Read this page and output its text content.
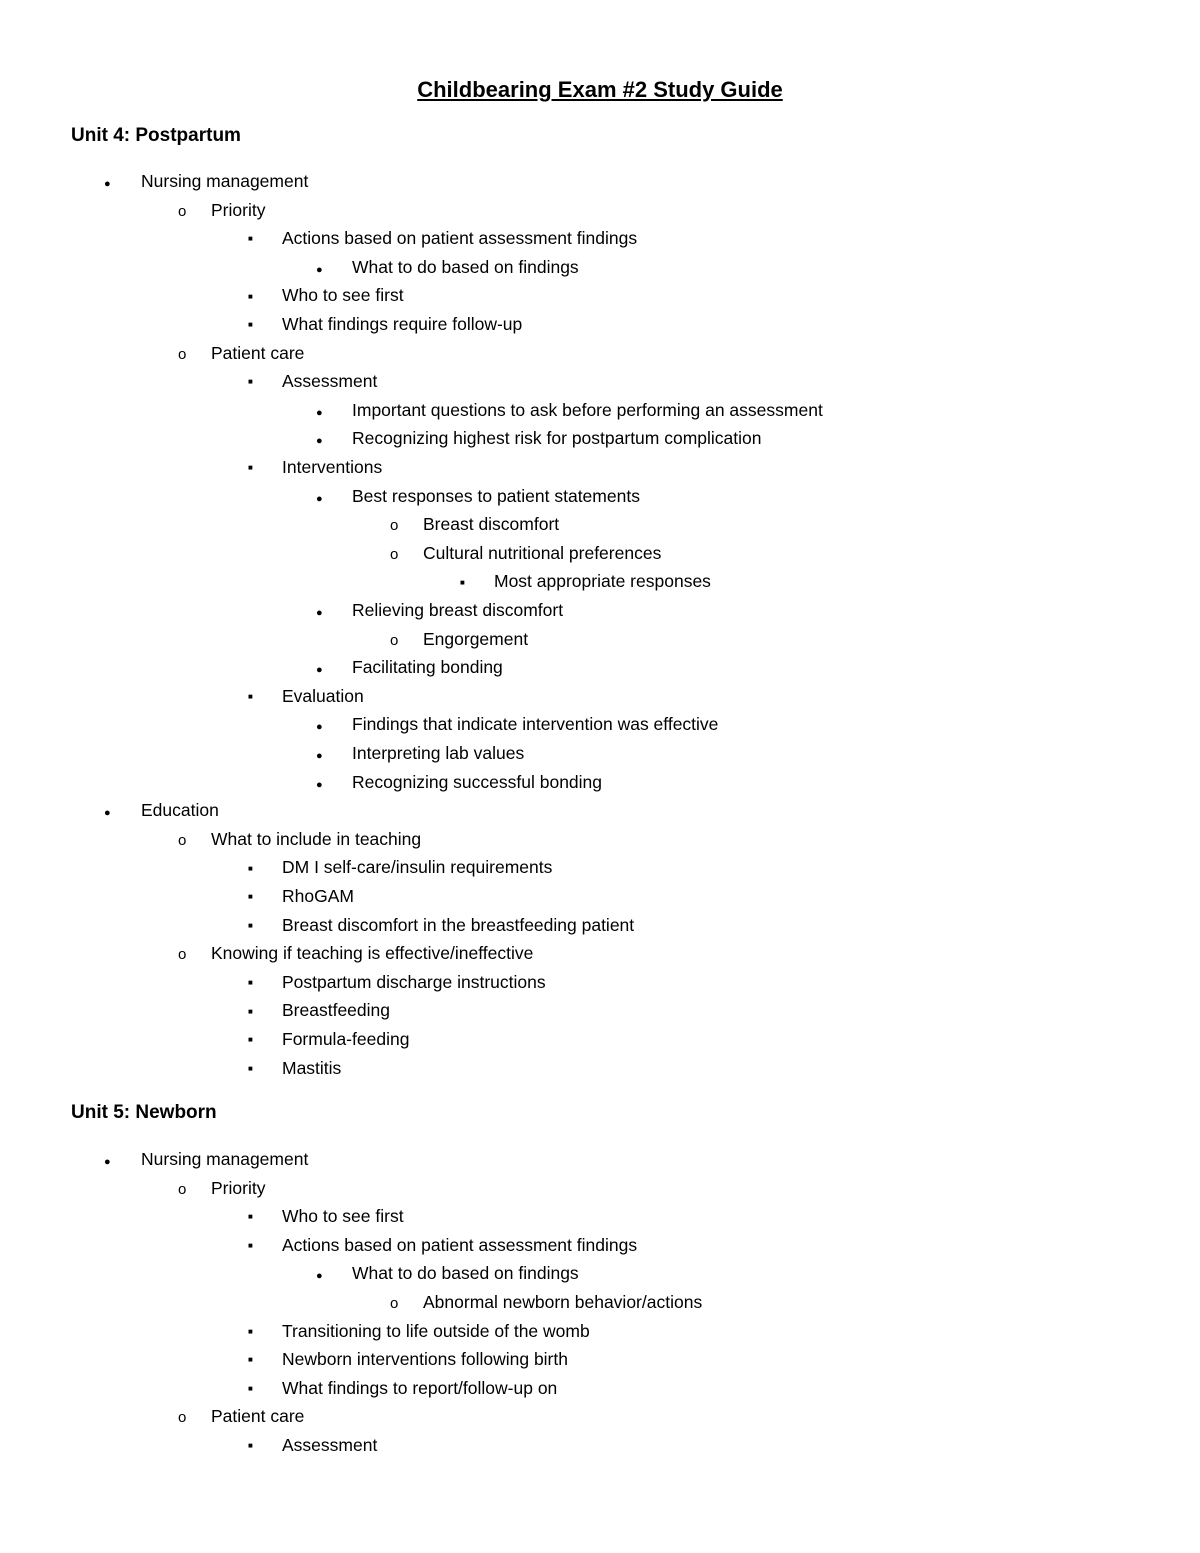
Childbearing Exam #2 Study Guide
Unit 4: Postpartum
●
Nursing management
o
Priority
■
Actions based on patient assessment findings
●
What to do based on findings
■
Who to see first
■
What findings require follow-up
o
Patient care
■
Assessment
●
Important questions to ask before performing an assessment
●
Recognizing highest risk for postpartum complication
■
Interventions
●
Best responses to patient statements
o
Breast discomfort
o
Cultural nutritional preferences
■
Most appropriate responses
●
Relieving breast discomfort
o
Engorgement
●
Facilitating bonding
■
Evaluation
●
Findings that indicate intervention was effective
●
Interpreting lab values
●
Recognizing successful bonding
●
Education
o
What to include in teaching
■
DM I self-care/insulin requirements
■
RhoGAM
■
Breast discomfort in the breastfeeding patient
o
Knowing if teaching is effective/ineffective
■
Postpartum discharge instructions
■
Breastfeeding
■
Formula-feeding
■
Mastitis
Unit 5: Newborn
●
Nursing management
o
Priority
■
Who to see first
■
Actions based on patient assessment findings
●
What to do based on findings
o
Abnormal newborn behavior/actions
■
Transitioning to life outside of the womb
■
Newborn interventions following birth
■
What findings to report/follow-up on
o
Patient care
■
Assessment
